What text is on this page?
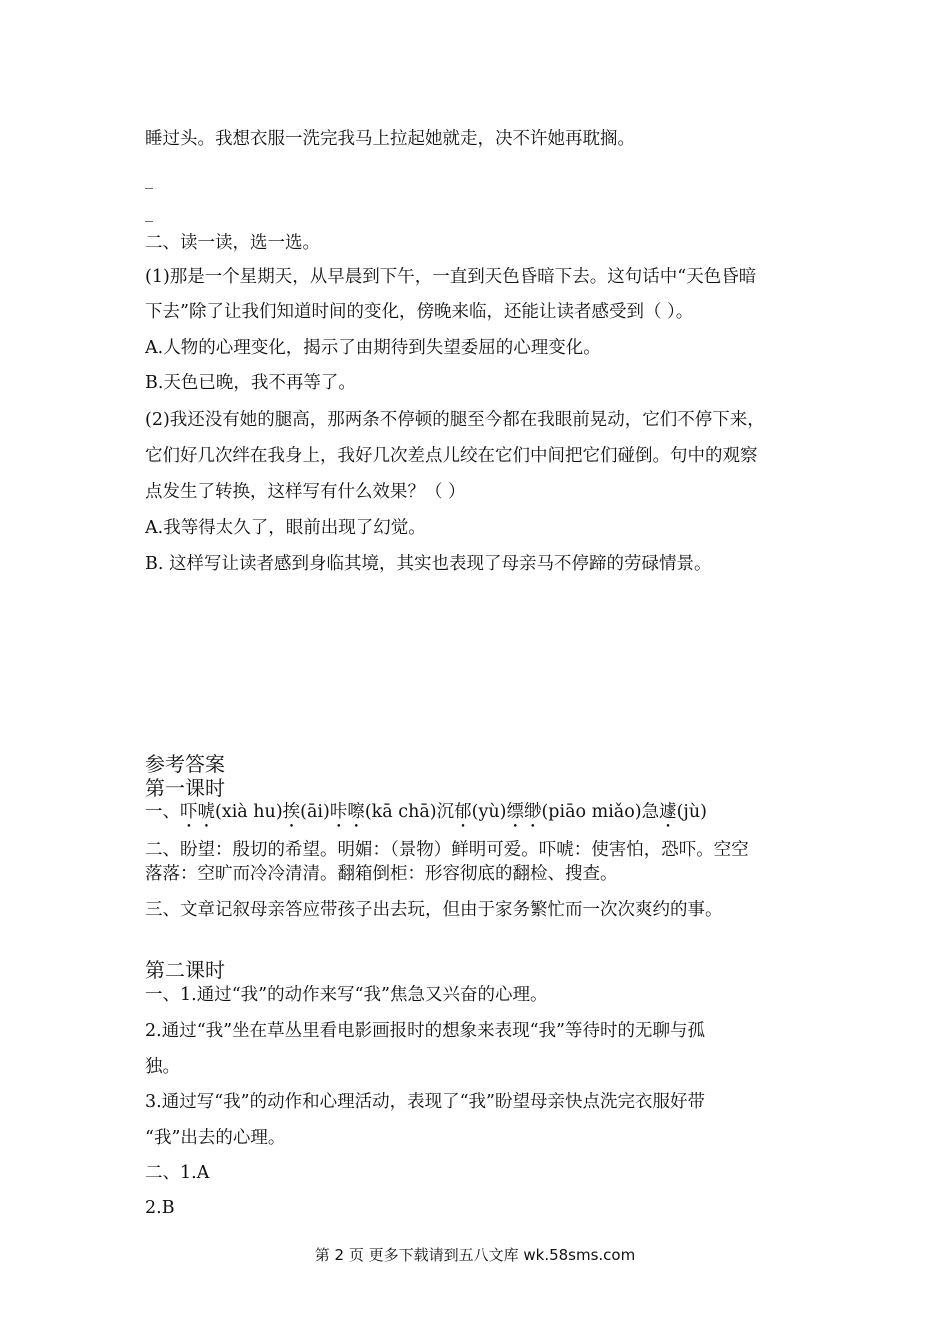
睡过头。我想衣服一洗完我马上拉起她就走，决不许她再耽搁。
_
_
二、读一读，选一选。
(1)那是一个星期天，从早晨到下午，一直到天色昏暗下去。这句话中“天色昏暗
下去”除了让我们知道时间的变化，傍晚来临，还能让读者感受到（ ）。
A.人物的心理变化，揭示了由期待到失望委屈的心理变化。
B.天色已晚，我不再等了。
(2)我还没有她的腿高，那两条不停顿的腿至今都在我眼前晃动，它们不停下来，
它们好几次绊在我身上，我好几次差点儿绞在它们中间把它们碰倒。句中的观察
点发生了转换，这样写有什么效果？（ ）
A.我等得太久了，眼前出现了幻觉。
B. 这样写让读者感到身临其境，其实也表现了母亲马不停蹄的劳碌情景。
参考答案
第一课时
一、吓唬(xià hu)挨(āi)咔嚓(kā chā)沉郁(yù)缥缈(piāo miǎo)急遽(jù)
二、盼望：殷切的希望。明媚：（景物）鲜明可爱。吓唬：使害怕，恐吓。空空
落落：空旷而冷冷清清。翻箱倒柜：形容彻底的翻检、搜查。
三、文章记叙母亲答应带孩子出去玩，但由于家务繁忙而一次次爽约的事。
第二课时
一、1.通过“我”的动作来写“我”焦急又兴奋的心理。
2.通过“我”坐在草丛里看电影画报时的想象来表现“我”等待时的无聊与孤
独。
3.通过写“我”的动作和心理活动，表现了“我”盼望母亲快点洗完衣服好带
“我”出去的心理。
二、1.A
2.B
第 2 页 更多下载请到五八文库 wk.58sms.com
